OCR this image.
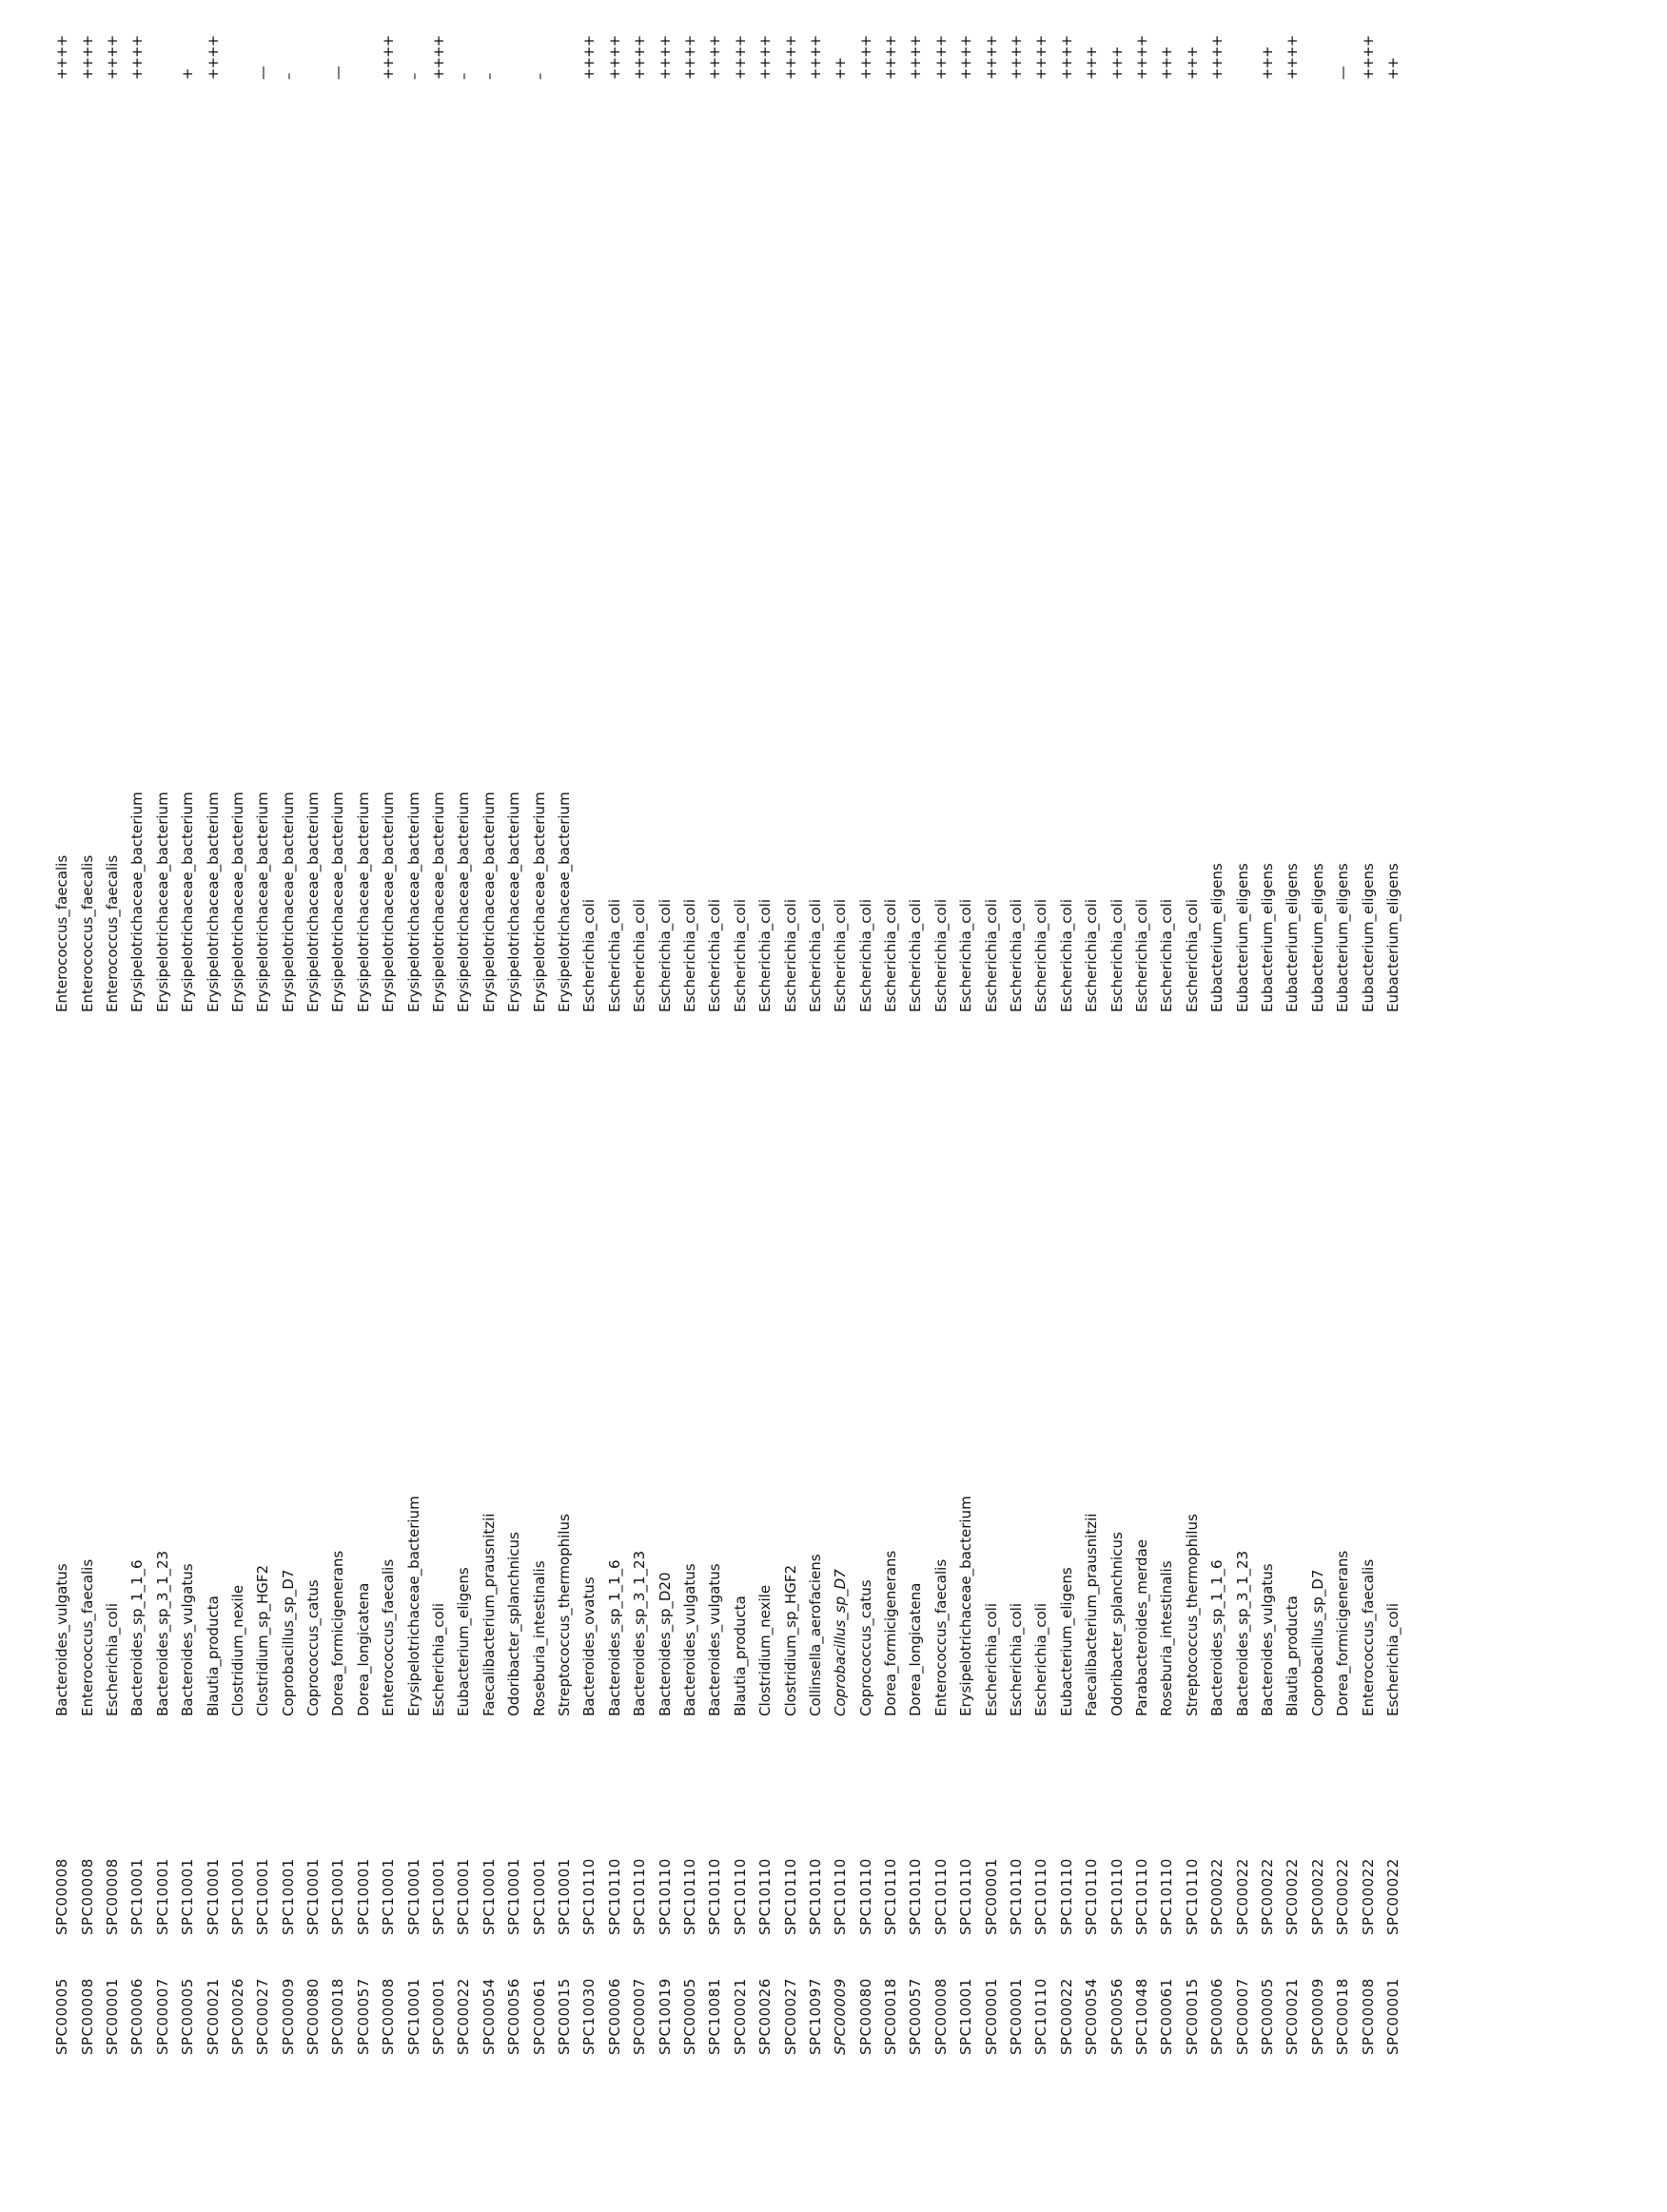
SPC00005	SPC00008	Bacteroides_vulgatus	Enterococcus_faecalis	++++
SPC00008	SPC00008	Enterococcus_faecalis	Enterococcus_faecalis	++++
SPC00001	SPC00008	Escherichia_coli	Enterococcus_faecalis	++++
SPC00006	SPC10001	Bacteroides_sp_1_1_6	Erysipelotrichaceae_bacterium	++++
SPC00007	SPC10001	Bacteroides_sp_3_1_23	Erysipelotrichaceae_bacterium	
SPC00005	SPC10001	Bacteroides_vulgatus	Erysipelotrichaceae_bacterium	+
SPC00021	SPC10001	Blautia_producta	Erysipelotrichaceae_bacterium	++++
SPC00026	SPC10001	Clostridium_nexile	Erysipelotrichaceae_bacterium	
SPC00027	SPC10001	Clostridium_sp_HGF2	Erysipelotrichaceae_bacterium	—
SPC00009	SPC10001	Coprobacillus_sp_D7	Erysipelotrichaceae_bacterium	–
SPC00080	SPC10001	Coprococcus_catus	Erysipelotrichaceae_bacterium	
SPC00018	SPC10001	Dorea_formicigenerans	Erysipelotrichaceae_bacterium	—
SPC00057	SPC10001	Dorea_longicatena	Erysipelotrichaceae_bacterium	
SPC00008	SPC10001	Enterococcus_faecalis	Erysipelotrichaceae_bacterium	++++
SPC10001	SPC10001	Erysipelotrichaceae_bacterium	Erysipelotrichaceae_bacterium	–
SPC00001	SPC10001	Escherichia_coli	Erysipelotrichaceae_bacterium	++++
SPC00022	SPC10001	Eubacterium_eligens	Erysipelotrichaceae_bacterium	–
SPC00054	SPC10001	Faecalibacterium_prausnitzii	Erysipelotrichaceae_bacterium	–
SPC00056	SPC10001	Odoribacter_splanchnicus	Erysipelotrichaceae_bacterium	
SPC00061	SPC10001	Roseburia_intestinalis	Erysipelotrichaceae_bacterium	–
SPC00015	SPC10001	Streptococcus_thermophilus	Erysipelotrichaceae_bacterium	
SPC10030	SPC10110	Bacteroides_ovatus	Escherichia_coli	++++
SPC00006	SPC10110	Bacteroides_sp_1_1_6	Escherichia_coli	++++
SPC00007	SPC10110	Bacteroides_sp_3_1_23	Escherichia_coli	++++
SPC10019	SPC10110	Bacteroides_sp_D20	Escherichia_coli	++++
SPC00005	SPC10110	Bacteroides_vulgatus	Escherichia_coli	++++
SPC10081	SPC10110	Bacteroides_vulgatus	Escherichia_coli	++++
SPC00021	SPC10110	Blautia_producta	Escherichia_coli	++++
SPC00026	SPC10110	Clostridium_nexile	Escherichia_coli	++++
SPC00027	SPC10110	Clostridium_sp_HGF2	Escherichia_coli	++++
SPC10097	SPC10110	Collinsella_aerofaciens	Escherichia_coli	++++
SPC00009	SPC10110	Coprobacillus_sp_D7	Escherichia_coli	++
SPC00080	SPC10110	Coprococcus_catus	Escherichia_coli	++++
SPC00018	SPC10110	Dorea_formicigenerans	Escherichia_coli	++++
SPC00057	SPC10110	Dorea_longicatena	Escherichia_coli	++++
SPC00008	SPC10110	Enterococcus_faecalis	Escherichia_coli	++++
SPC10001	SPC10110	Erysipelotrichaceae_bacterium	Escherichia_coli	++++
SPC00001	SPC00001	Escherichia_coli	Escherichia_coli	++++
SPC00001	SPC10110	Escherichia_coli	Escherichia_coli	++++
SPC10110	SPC10110	Escherichia_coli	Escherichia_coli	++++
SPC00022	SPC10110	Eubacterium_eligens	Escherichia_coli	++++
SPC00054	SPC10110	Faecalibacterium_prausnitzii	Escherichia_coli	+++
SPC00056	SPC10110	Odoribacter_splanchnicus	Escherichia_coli	+++
SPC10048	SPC10110	Parabacteroides_merdae	Escherichia_coli	++++
SPC00061	SPC10110	Roseburia_intestinalis	Escherichia_coli	+++
SPC00015	SPC10110	Streptococcus_thermophilus	Escherichia_coli	+++
SPC00006	SPC00022	Bacteroides_sp_1_1_6	Eubacterium_eligens	++++
SPC00007	SPC00022	Bacteroides_sp_3_1_23	Eubacterium_eligens	
SPC00005	SPC00022	Bacteroides_vulgatus	Eubacterium_eligens	+++
SPC00021	SPC00022	Blautia_producta	Eubacterium_eligens	++++
SPC00009	SPC00022	Coprobacillus_sp_D7	Eubacterium_eligens	
SPC00018	SPC00022	Dorea_formicigenerans	Eubacterium_eligens	—
SPC00008	SPC00022	Enterococcus_faecalis	Eubacterium_eligens	++++
SPC00001	SPC00022	Escherichia_coli	Eubacterium_eligens	++
